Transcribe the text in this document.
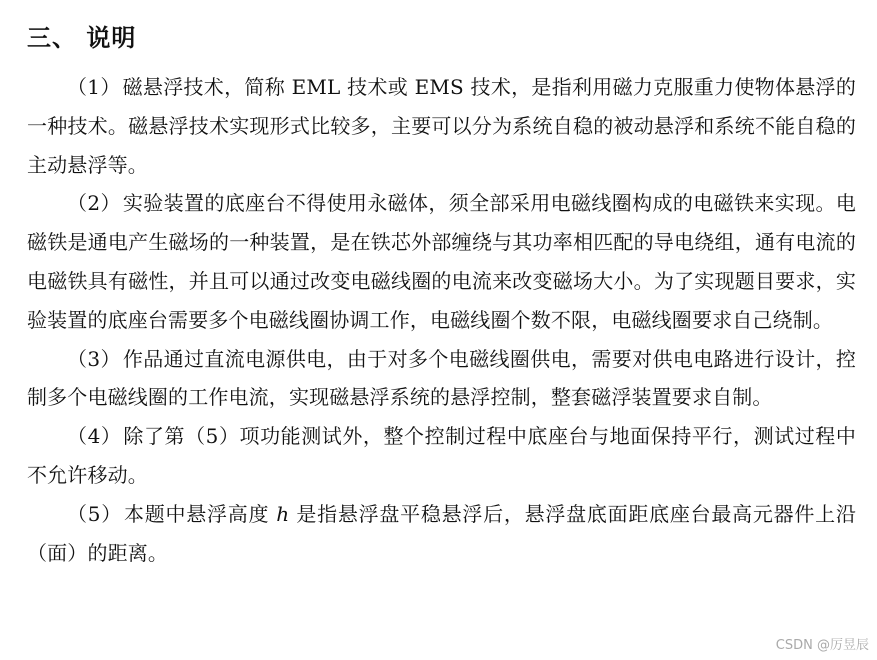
三、 说明

（1） 磁悬浮技术，简称 EML 技术或 EMS 技术，是指利用磁力克服重力使物体悬浮的一种技术。磁悬浮技术实现形式比较多，主要可以分为系统自稳的被动悬浮和系统不能自稳的主动悬浮等。

（2） 实验装置的底座台不得使用永磁体，须全部采用电磁线圈构成的电磁铁来实现。电磁铁是通电产生磁场的一种装置，是在铁芯外部缠绕与其功率相匹配的导电绕组，通有电流的电磁铁具有磁性，并且可以通过改变电磁线圈的电流来改变磁场大小。为了实现题目要求，实验装置的底座台需要多个电磁线圈协调工作，电磁线圈个数不限，电磁线圈要求自己绕制。

（3） 作品通过直流电源供电，由于对多个电磁线圈供电，需要对供电电路进行设计，控制多个电磁线圈的工作电流，实现磁悬浮系统的悬浮控制，整套磁浮装置要求自制。

（4） 除了第（5）项功能测试外，整个控制过程中底座台与地面保持平行，测试过程中不允许移动。

（5） 本题中悬浮高度 h 是指悬浮盘平稳悬浮后，悬浮盘底面距底座台最高元器件上沿（面）的距离。

CSDN @厉昱辰
